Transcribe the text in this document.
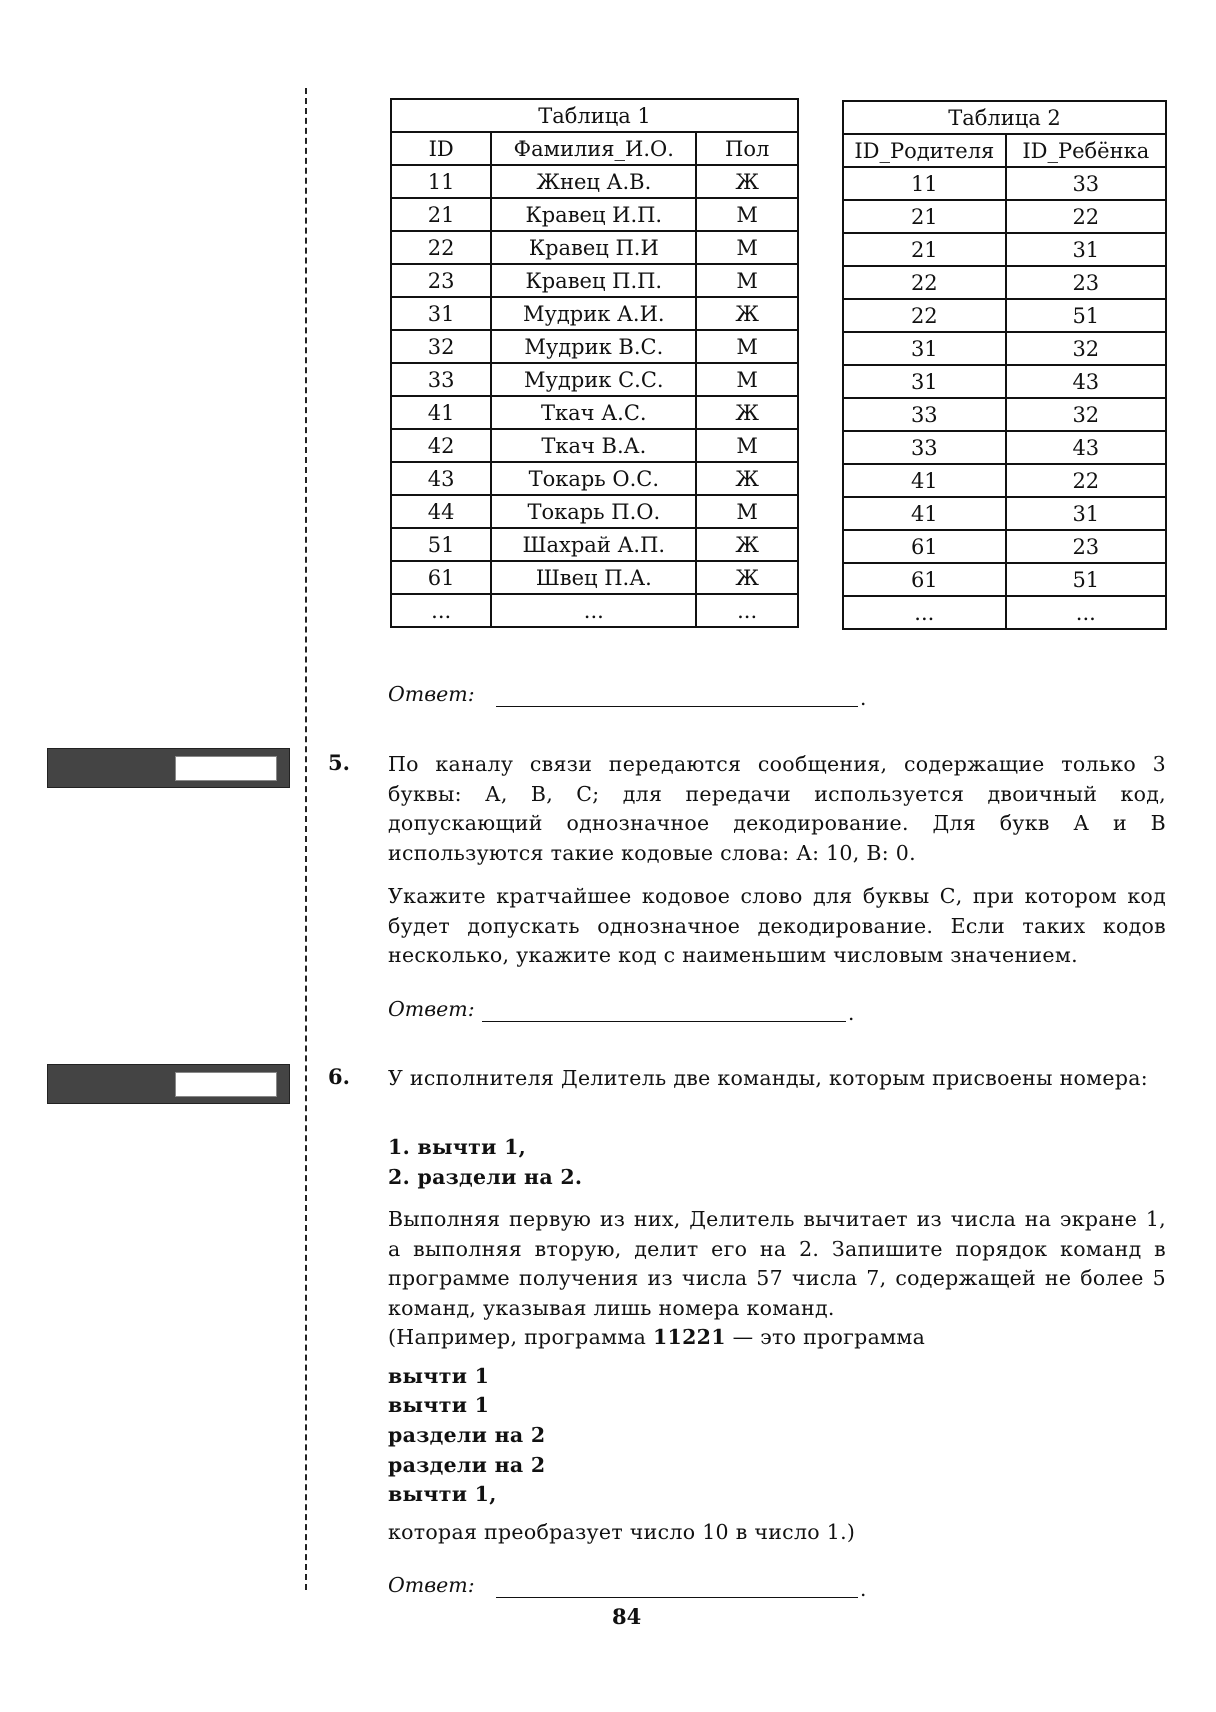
Таблица 1		
ID	Фамилия_И.О.	Пол
11	Жнец А.В.	Ж
21	Кравец И.П.	М
22	Кравец П.И	М
23	Кравец П.П.	М
31	Мудрик А.И.	Ж
32	Мудрик В.С.	М
33	Мудрик С.С.	М
41	Ткач А.С.	Ж
42	Ткач В.А.	М
43	Токарь О.С.	Ж
44	Токарь П.О.	М
51	Шахрай А.П.	Ж
61	Швец П.А.	Ж
...	...	...
Таблица 2	
ID_Родителя	ID_Ребёнка
11	33
21	22
21	31
22	23
22	51
31	32
31	43
33	32
33	43
41	22
41	31
61	23
61	51
...	...
Ответ:	.
5. По каналу связи передаются сообщения, содержащие только 3 буквы: А, В, С; для передачи используется двоичный код, допускающий однозначное декодирование. Для букв А и В используются такие кодовые слова: А: 10, В: 0.
Укажите кратчайшее кодовое слово для буквы С, при котором код будет допускать однозначное декодирование. Если таких кодов несколько, укажите код с наименьшим числовым значением.
Ответ:	.
6. У исполнителя Делитель две команды, которым присвоены номера:
1. вычти 1,
2. раздели на 2.
Выполняя первую из них, Делитель вычитает из числа на экране 1, а выполняя вторую, делит его на 2. Запишите порядок команд в программе получения из числа 57 числа 7, содержащей не более 5 команд, указывая лишь номера команд.
(Например, программа 11221 — это программа
вычти 1
вычти 1
раздели на 2
раздели на 2
вычти 1,
которая преобразует число 10 в число 1.)
Ответ:	.
84
